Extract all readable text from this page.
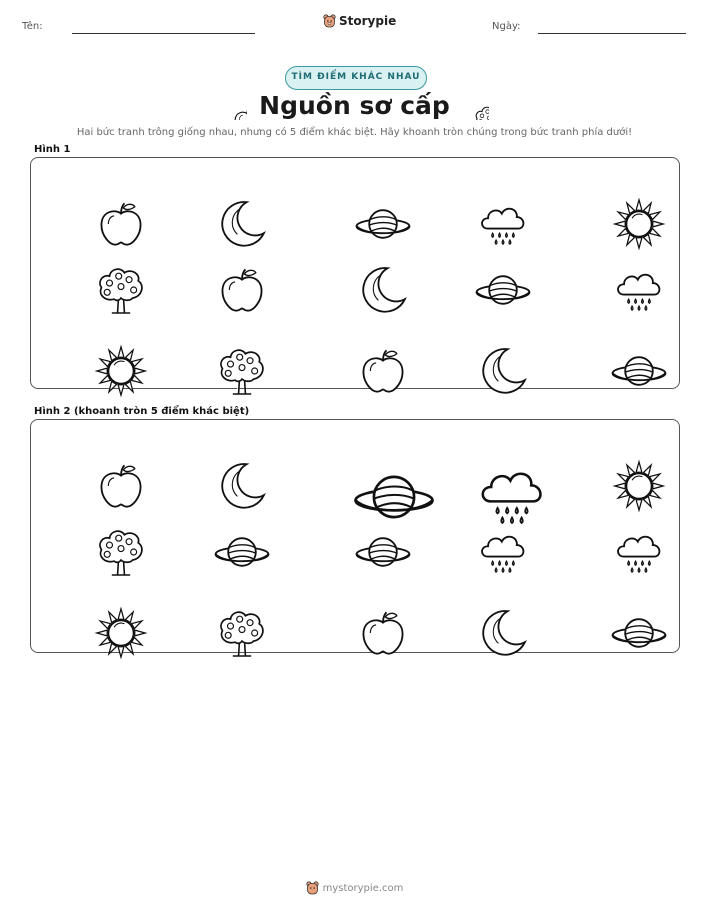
Tên:	Storypie	Ngày:
TÌM ĐIỂM KHÁC NHAU
Nguồn sơ cấp
Hai bức tranh trông giống nhau, nhưng có 5 điểm khác biệt. Hãy khoanh tròn chúng trong bức tranh phía dưới!
Hình 1
Hình 2 (khoanh tròn 5 điểm khác biệt)
mystorypie.com
